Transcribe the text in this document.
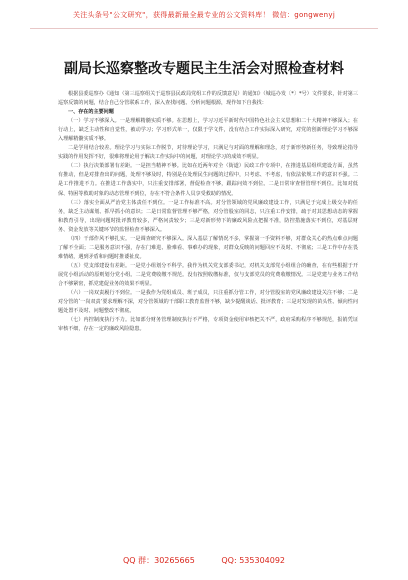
关注头条号"公文研究"，获得最新最全最专业的公文资料库！ 微信：gongwenyj
副局长巡察整改专题民主生活会对照检查材料

根据县委巡察办《通知（第三巡察组关于巡察县民政局党组工作的反馈意见）的通知》（城巡办发〔*〕*号）文件要求，针对第三巡察反馈的问题，结合自己分管联系工作，深入查找问题、分析问题根源，现作如下自我找：

一、存在的主要问题

（一）学习不够深入。一是理解精髓实质不够。在思想上，学习习近平新时代中国特色社会主义思想和二十大精神不够深入；在行动上，缺乏主动性和自觉性，被动学习；学习形式单一，仅限于学文件，没有结合工作实际深入研究，对党的创新理论学习不够深入理解精髓实质不够。

二是学用结合较差。理论学习与实际工作脱节，对待理论学习，只满足与对面的理解和理念，对于新形势新任务，导致理论指导实践的作用发挥不好，很难将理论用于解决工作实际中的问题，对理论学习的成效不明显。

（二）执行决策部署有差距。一是担当精神不够。比如在近两年对全（街道）民政工作专项中，在推进基层组织建设方面，虽然有推动，但是对排查出的问题，处理不够及时，特别是在处理民生问题的过程中，只考虑、不考虑，有依法依规工作的意识不强。二是工作推进不力。在推进工作落实中，只注重安排部署，督促检查不够，跟踪问效不到位。二是日常审查督管理不到位。比如对低保、特困等救助对象的动态管理不到位，存在不符合条件人员享受救助的情况。

（三）落实全面从严治党主体责任不到位。一是工作标准不高。对分管领域的党风廉政建设工作，只满足于完成上级交办的任务，缺乏主动谋划、抓早抓小的意识；二是日常监督管理不够严格，对分管股室的同志，只注重工作安排，疏于对其思想动态的掌握和教育引导，出现问题时批评教育较多，严格问责较少；三是对新形势下的廉政风险点把握不准，防控措施落实不到位，对基层财务、资金发放等关键环节的监督检查不够深入。

（四）干部作风不够扎实。一是调查研究不够深入。深入基层了解情况不多，掌握第一手资料不够，对群众关心的热点难点问题了解不全面；二是服务意识不强，存在门难进、脸难看、事难办的现象，对群众反映的问题回应不及时、不彻底；三是工作中存在畏难情绪，遇到矛盾和问题时推诿扯皮。

（五）党支部建设有差距。一是党小组划分不科学。我作为机关党支部委书记，对机关支部党小组组合的确查，在有些根据于开展党小组活动的原则划分党小组。二是党费收缴不规范。没有按照收缴标准，仅与支部党员的党费收缴情况。三是党建与业务工作结合不够紧密，抓党建促业务的效果不明显。

（六）一岗双责履行不到位。一是我作为党组成员、班子成员，只注重抓分管工作，对分管股室的党风廉政建设关注不够；二是对分管的‘一岗双责’要求理解不深，对分管领域的干部职工教育监督不够，缺少提醒谈话、批评教育；三是对发现的苗头性、倾向性问题处置不及时、问题整改不彻底。

（七）内控制度执行不力。比如部分财务管理制度执行不严格，专项资金使用审核把关不严，政府采购程序不够规范，报销凭证审核不细，存在一定的廉政风险隐患。

QQ 群：30265665	QQ: 535304092
